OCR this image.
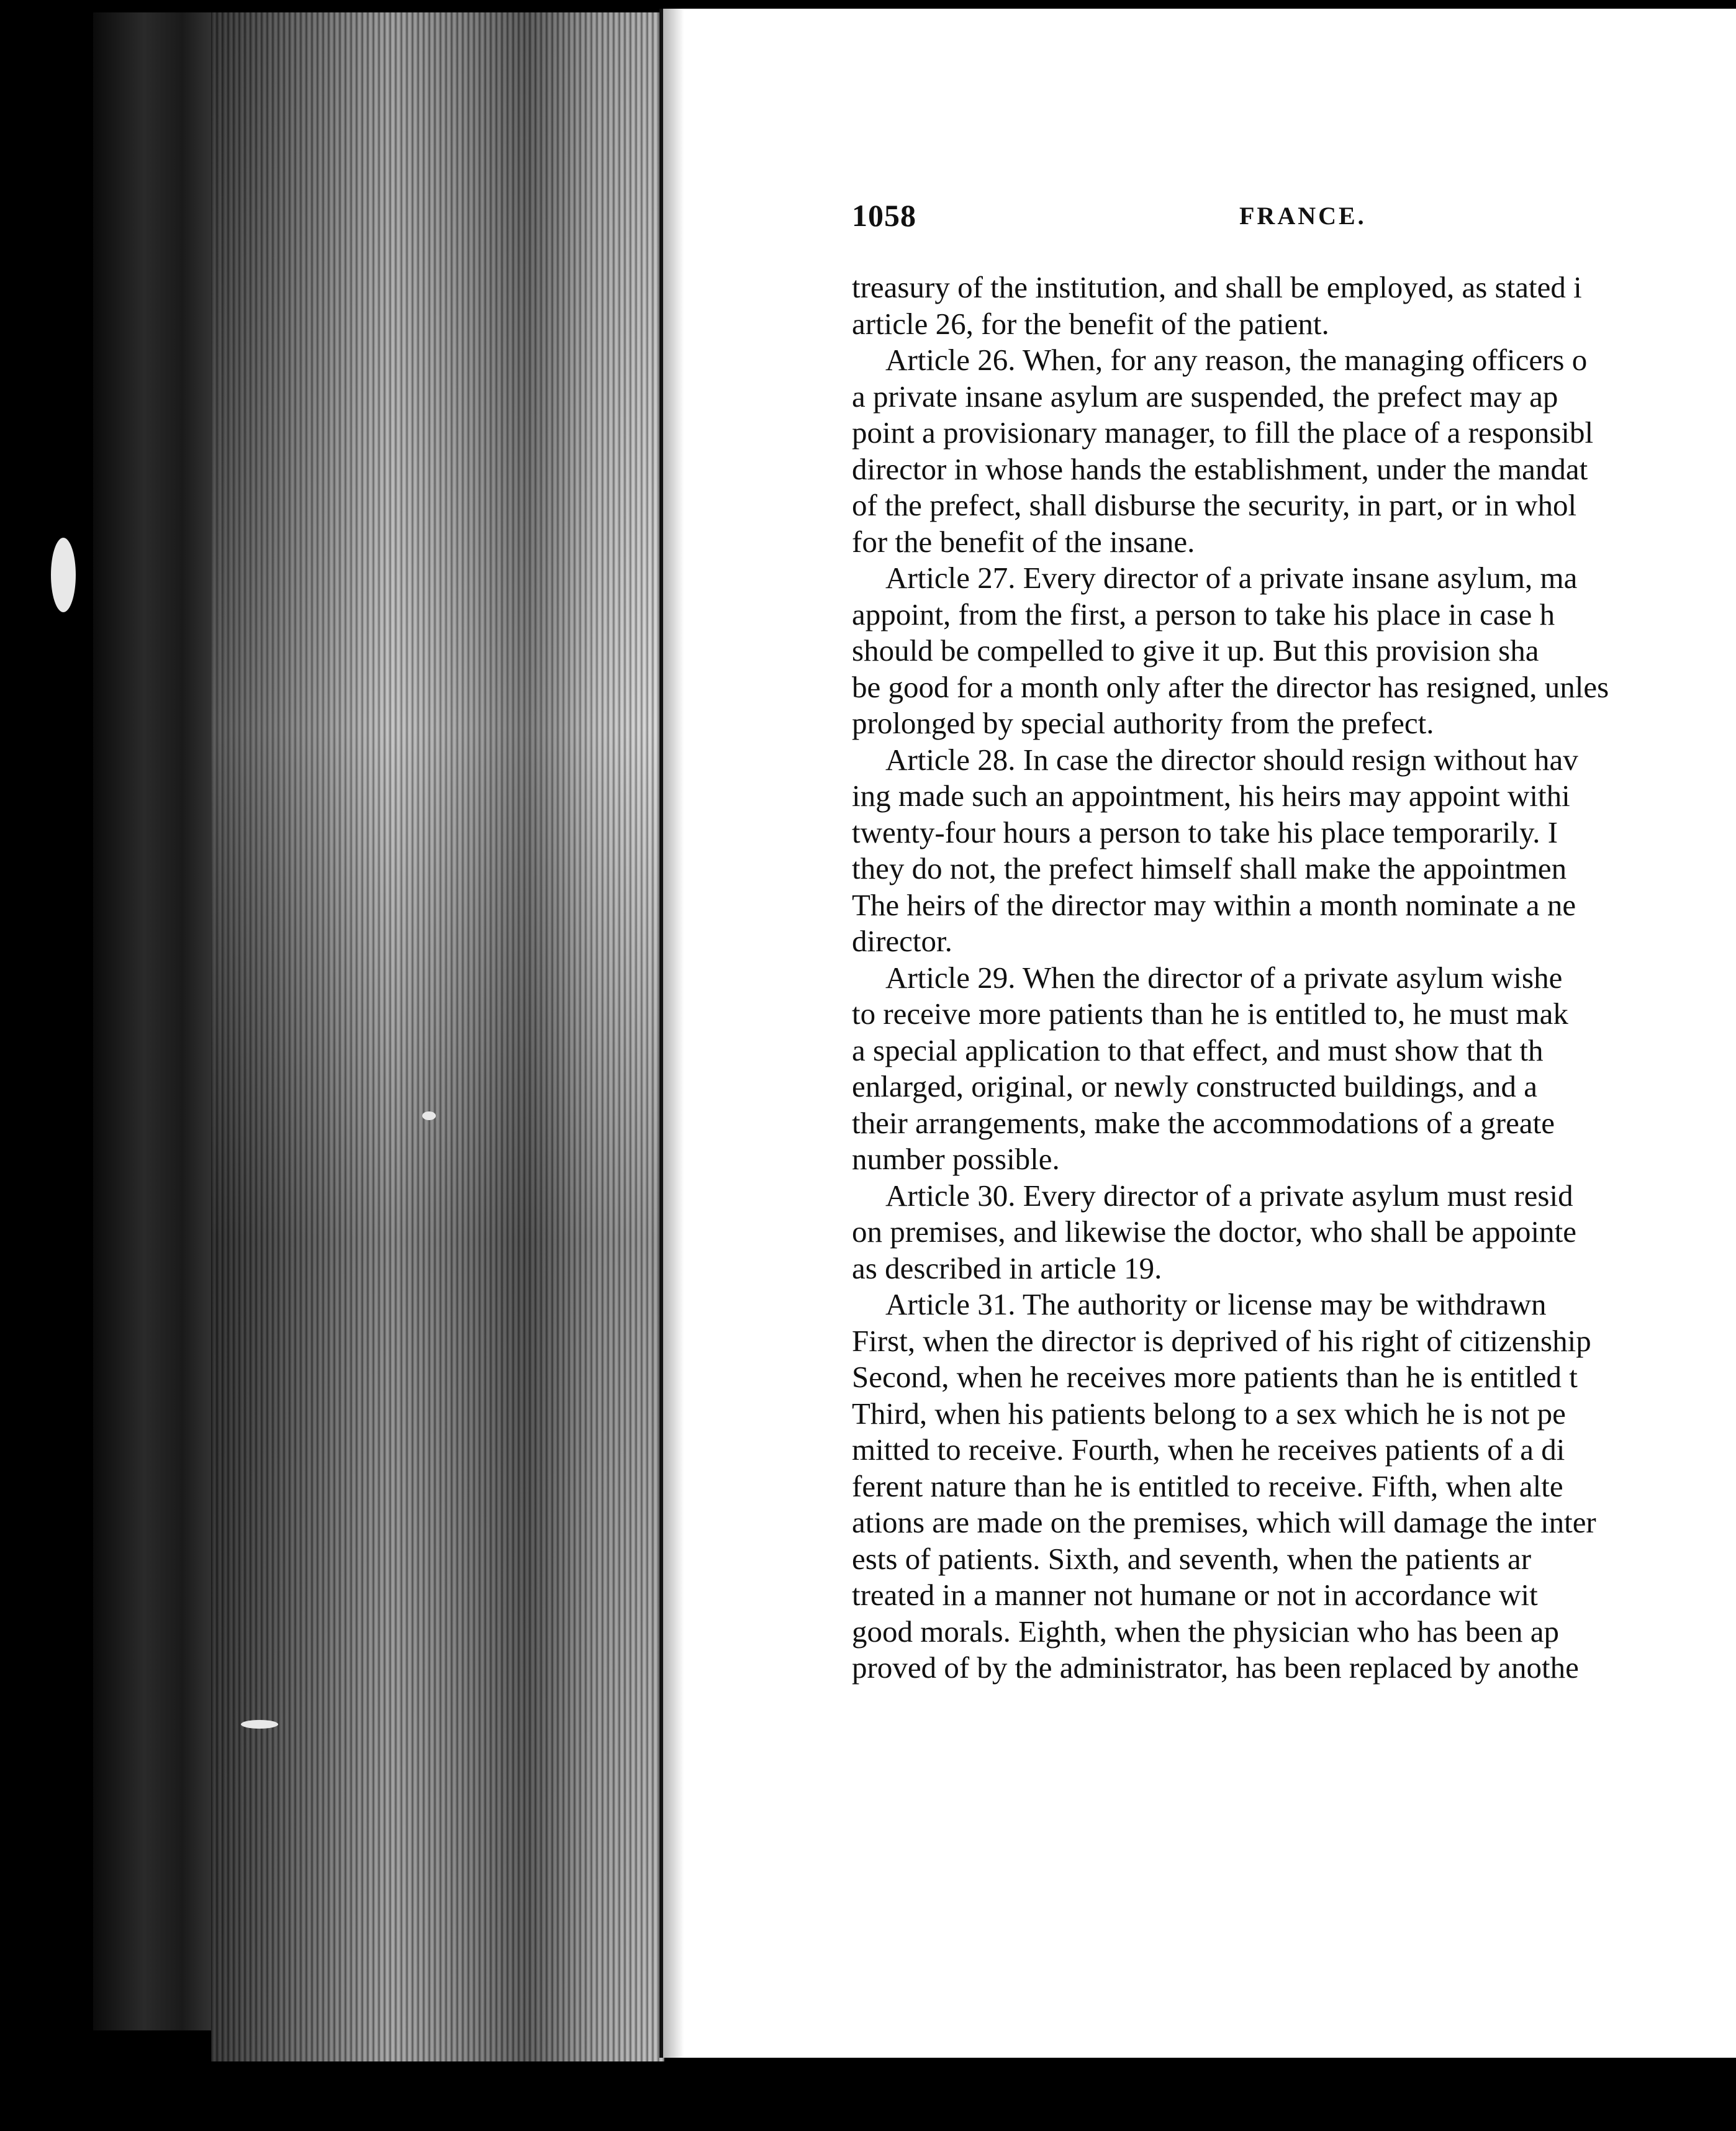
1058	FRANCE.
treasury of the institution, and shall be employed, as stated i
article 26, for the benefit of the patient.
Article 26. When, for any reason, the managing officers o
a private insane asylum are suspended, the prefect may ap
point a provisionary manager, to fill the place of a responsibl
director in whose hands the establishment, under the mandat
of the prefect, shall disburse the security, in part, or in whol
for the benefit of the insane.
Article 27. Every director of a private insane asylum, ma
appoint, from the first, a person to take his place in case h
should be compelled to give it up. But this provision sha
be good for a month only after the director has resigned, unles
prolonged by special authority from the prefect.
Article 28. In case the director should resign without hav
ing made such an appointment, his heirs may appoint withi
twenty-four hours a person to take his place temporarily. I
they do not, the prefect himself shall make the appointmen
The heirs of the director may within a month nominate a ne
director.
Article 29. When the director of a private asylum wishe
to receive more patients than he is entitled to, he must mak
a special application to that effect, and must show that th
enlarged, original, or newly constructed buildings, and a
their arrangements, make the accommodations of a greate
number possible.
Article 30. Every director of a private asylum must resid
on premises, and likewise the doctor, who shall be appointe
as described in article 19.
Article 31. The authority or license may be withdrawn
First, when the director is deprived of his right of citizenship
Second, when he receives more patients than he is entitled t
Third, when his patients belong to a sex which he is not pe
mitted to receive. Fourth, when he receives patients of a di
ferent nature than he is entitled to receive. Fifth, when alte
ations are made on the premises, which will damage the inter
ests of patients. Sixth, and seventh, when the patients ar
treated in a manner not humane or not in accordance wit
good morals. Eighth, when the physician who has been ap
proved of by the administrator, has been replaced by anothe
